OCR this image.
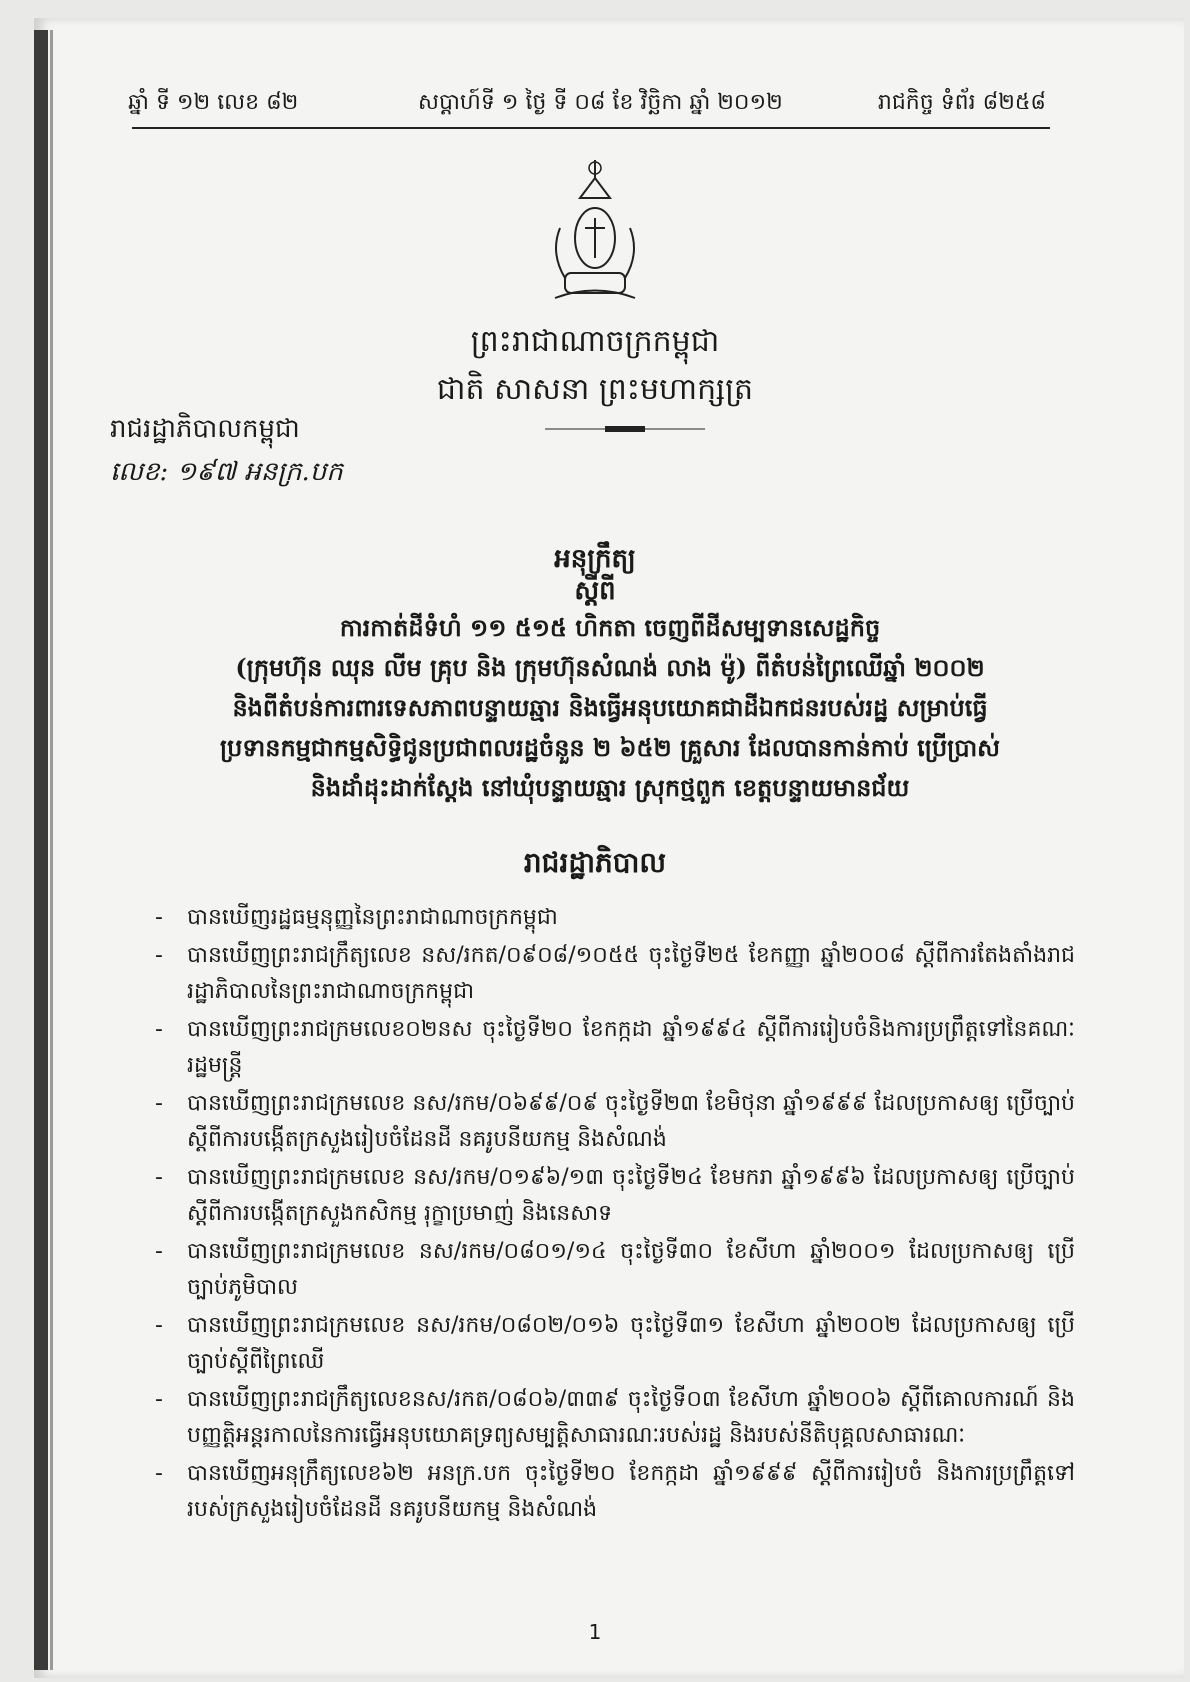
ឆ្នាំ ទី ១២ លេខ ៨២	សប្តាហ៍ទី ១ ថ្ងៃ ទី ០៨ ខែ វិច្ឆិកា ឆ្នាំ ២០១២	រាជកិច្ច ទំព័រ ៨២៥៨
ព្រះរាជាណាចក្រកម្ពុជា
ជាតិ សាសនា ព្រះមហាក្សត្រ
រាជរដ្ឋាភិបាលកម្ពុជា
លេខ: ១៩៧ អនក្រ.បក
អនុក្រឹត្យ
ស្តីពី
ការកាត់ដីទំហំ ១១ ៥១៥ ហិកតា ចេញពីដីសម្បទានសេដ្ឋកិច្ច
(ក្រុមហ៊ុន ឈុន លីម គ្រុប និង ក្រុមហ៊ុនសំណង់ លាង ម៉ូ) ពីតំបន់ព្រៃឈើឆ្នាំ ២០០២
និងពីតំបន់ការពារទេសភាពបន្ទាយឆ្មារ និងធ្វើអនុបយោគជាដីឯកជនរបស់រដ្ឋ សម្រាប់ធ្វើ
ប្រទានកម្មជាកម្មសិទ្ធិជូនប្រជាពលរដ្ឋចំនួន ២ ៦៥២ គ្រួសារ ដែលបានកាន់កាប់ ប្រើប្រាស់
និងដាំដុះដាក់ស្តែង នៅឃុំបន្ទាយឆ្មារ ស្រុកថ្មពួក ខេត្តបន្ទាយមានជ័យ
រាជរដ្ឋាភិបាល
- បានឃើញរដ្ឋធម្មនុញ្ញនៃព្រះរាជាណាចក្រកម្ពុជា
- បានឃើញព្រះរាជក្រឹត្យលេខ នស/រកត/០៩០៨/១០៥៥ ចុះថ្ងៃទី២៥ ខែកញ្ញា ឆ្នាំ២០០៨ ស្តីពីការតែងតាំងរាជរដ្ឋាភិបាលនៃព្រះរាជាណាចក្រកម្ពុជា
- បានឃើញព្រះរាជក្រមលេខ០២នស ចុះថ្ងៃទី២០ ខែកក្កដា ឆ្នាំ១៩៩៤ ស្តីពីការរៀបចំនិងការប្រព្រឹត្តទៅនៃគណៈរដ្ឋមន្ត្រី
- បានឃើញព្រះរាជក្រមលេខ នស/រកម/០៦៩៩/០៩ ចុះថ្ងៃទី២៣ ខែមិថុនា ឆ្នាំ១៩៩៩ ដែលប្រកាសឲ្យ ប្រើច្បាប់ស្តីពីការបង្កើតក្រសួងរៀបចំដែនដី នគរូបនីយកម្ម និងសំណង់
- បានឃើញព្រះរាជក្រមលេខ នស/រកម/០១៩៦/១៣ ចុះថ្ងៃទី២៤ ខែមករា ឆ្នាំ១៩៩៦ ដែលប្រកាសឲ្យ ប្រើច្បាប់ស្តីពីការបង្កើតក្រសួងកសិកម្ម រុក្ខាប្រមាញ់ និងនេសាទ
- បានឃើញព្រះរាជក្រមលេខ នស/រកម/០៨០១/១៤ ចុះថ្ងៃទី៣០ ខែសីហា ឆ្នាំ២០០១ ដែលប្រកាសឲ្យ ប្រើច្បាប់ភូមិបាល
- បានឃើញព្រះរាជក្រមលេខ នស/រកម/០៨០២/០១៦ ចុះថ្ងៃទី៣១ ខែសីហា ឆ្នាំ២០០២ ដែលប្រកាសឲ្យ ប្រើច្បាប់ស្តីពីព្រៃឈើ
- បានឃើញព្រះរាជក្រឹត្យលេខនស/រកត/០៨០៦/៣៣៩ ចុះថ្ងៃទី០៣ ខែសីហា ឆ្នាំ២០០៦ ស្តីពីគោលការណ៍ និងបញ្ញត្តិអន្តរកាលនៃការធ្វើអនុបយោគទ្រព្យសម្បត្តិសាធារណៈរបស់រដ្ឋ និងរបស់នីតិបុគ្គលសាធារណៈ
- បានឃើញអនុក្រឹត្យលេខ៦២ អនក្រ.បក ចុះថ្ងៃទី២០ ខែកក្កដា ឆ្នាំ១៩៩៩ ស្តីពីការរៀបចំ និងការប្រព្រឹត្តទៅរបស់ក្រសួងរៀបចំដែនដី នគរូបនីយកម្ម និងសំណង់
1
